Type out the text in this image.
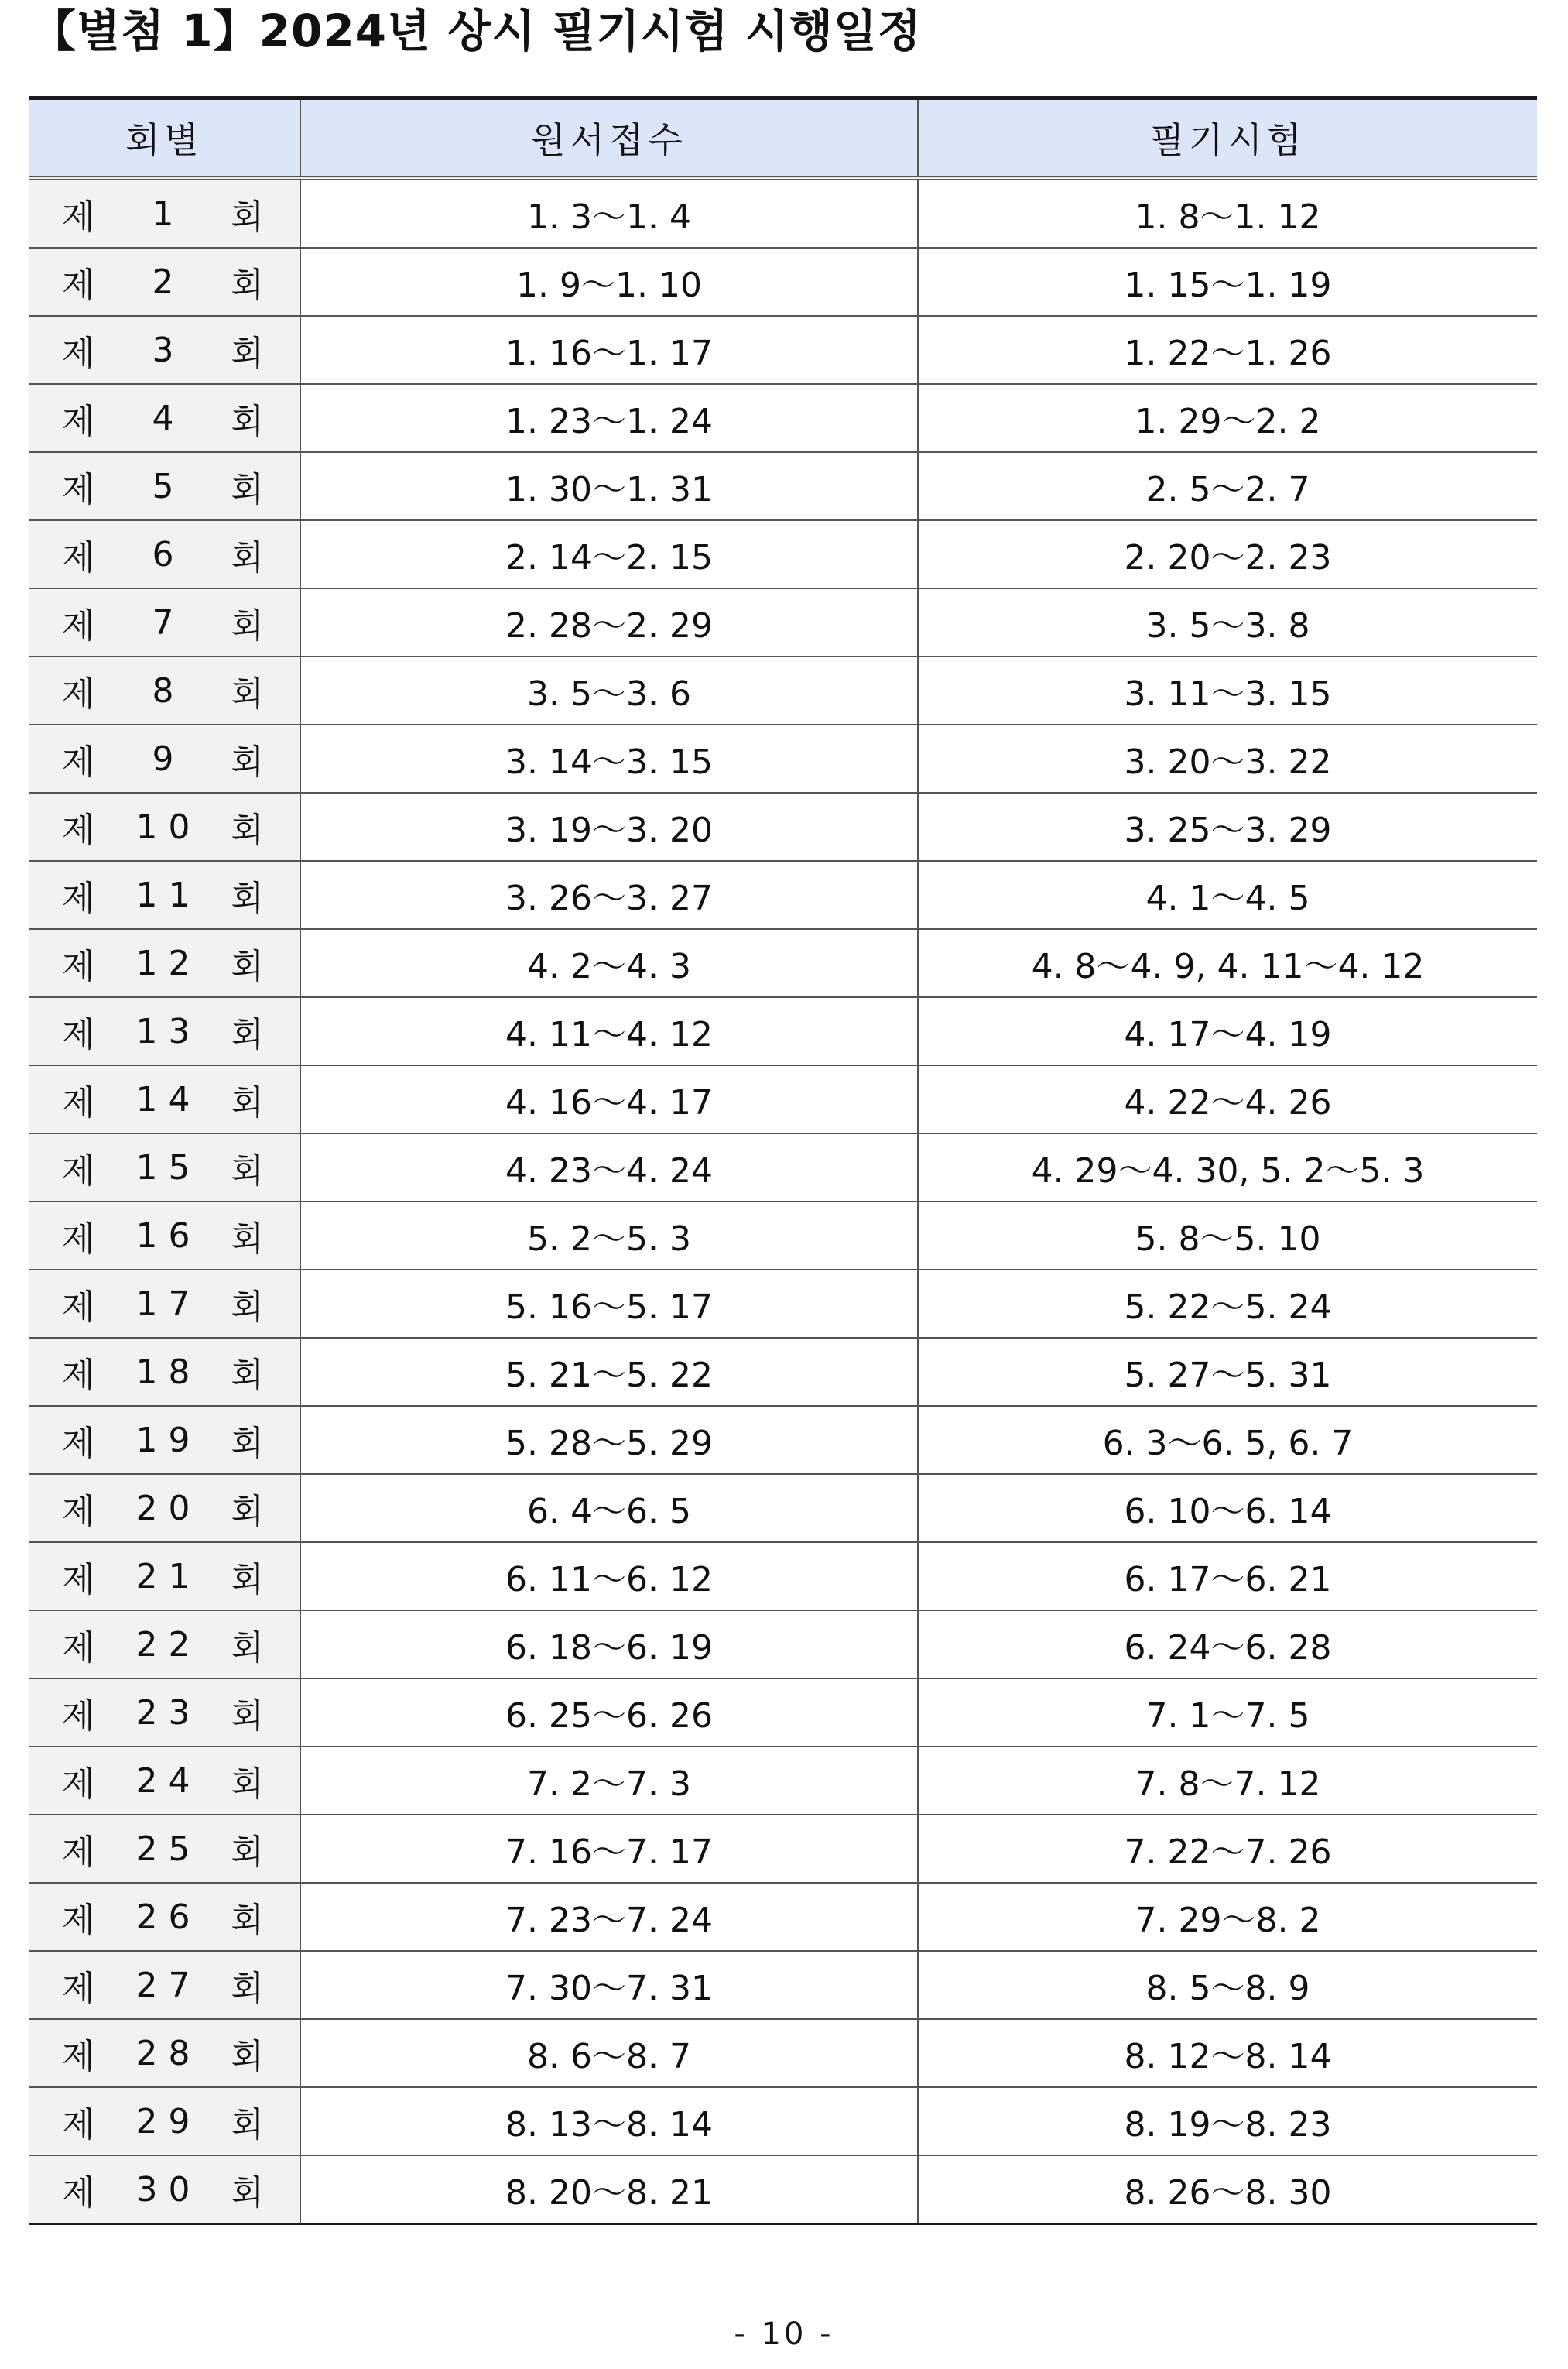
【별첨 1】2024년 상시 필기시험 시행일정
회별	원서접수	필기시험

제 1 회	1. 3～1. 4	1. 8～1. 12

제 2 회	1. 9～1. 10	1. 15～1. 19

제 3 회	1. 16～1. 17	1. 22～1. 26

제 4 회	1. 23～1. 24	1. 29～2. 2

제 5 회	1. 30～1. 31	2. 5～2. 7

제 6 회	2. 14～2. 15	2. 20～2. 23

제 7 회	2. 28～2. 29	3. 5～3. 8

제 8 회	3. 5～3. 6	3. 11～3. 15

제 9 회	3. 14～3. 15	3. 20～3. 22

제 10 회	3. 19～3. 20	3. 25～3. 29

제 11 회	3. 26～3. 27	4. 1～4. 5

제 12 회	4. 2～4. 3	4. 8～4. 9, 4. 11～4. 12

제 13 회	4. 11～4. 12	4. 17～4. 19

제 14 회	4. 16～4. 17	4. 22～4. 26

제 15 회	4. 23～4. 24	4. 29～4. 30, 5. 2～5. 3

제 16 회	5. 2～5. 3	5. 8～5. 10

제 17 회	5. 16～5. 17	5. 22～5. 24

제 18 회	5. 21～5. 22	5. 27～5. 31

제 19 회	5. 28～5. 29	6. 3～6. 5, 6. 7

제 20 회	6. 4～6. 5	6. 10～6. 14

제 21 회	6. 11～6. 12	6. 17～6. 21

제 22 회	6. 18～6. 19	6. 24～6. 28

제 23 회	6. 25～6. 26	7. 1～7. 5

제 24 회	7. 2～7. 3	7. 8～7. 12

제 25 회	7. 16～7. 17	7. 22～7. 26

제 26 회	7. 23～7. 24	7. 29～8. 2

제 27 회	7. 30～7. 31	8. 5～8. 9

제 28 회	8. 6～8. 7	8. 12～8. 14

제 29 회	8. 13～8. 14	8. 19～8. 23

제 30 회	8. 20～8. 21	8. 26～8. 30
- 10 -
